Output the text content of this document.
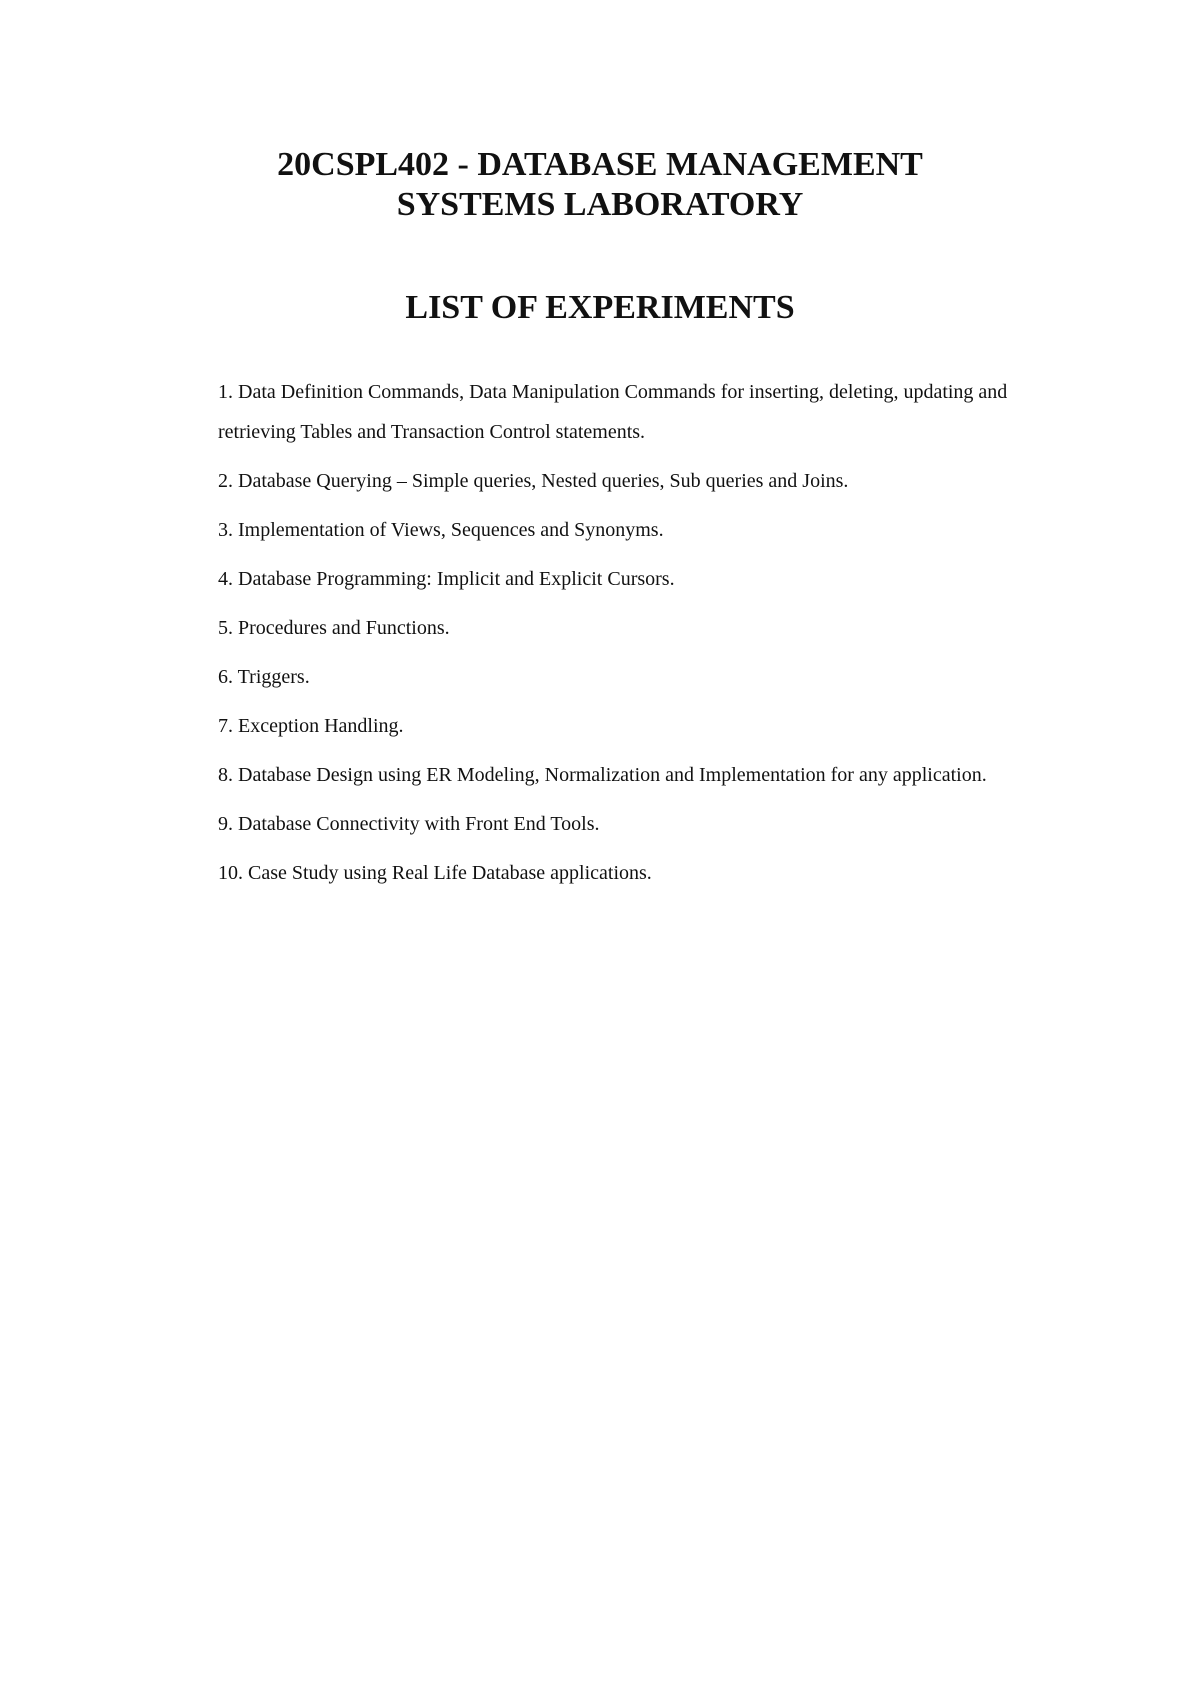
20CSPL402 - DATABASE MANAGEMENT
SYSTEMS LABORATORY
LIST OF EXPERIMENTS

1. Data Definition Commands, Data Manipulation Commands for inserting, deleting, updating and retrieving Tables and Transaction Control statements.

2. Database Querying – Simple queries, Nested queries, Sub queries and Joins.

3. Implementation of Views, Sequences and Synonyms.

4. Database Programming: Implicit and Explicit Cursors.

5. Procedures and Functions.

6. Triggers.

7. Exception Handling.

8. Database Design using ER Modeling, Normalization and Implementation for any application.

9. Database Connectivity with Front End Tools.

10. Case Study using Real Life Database applications.
